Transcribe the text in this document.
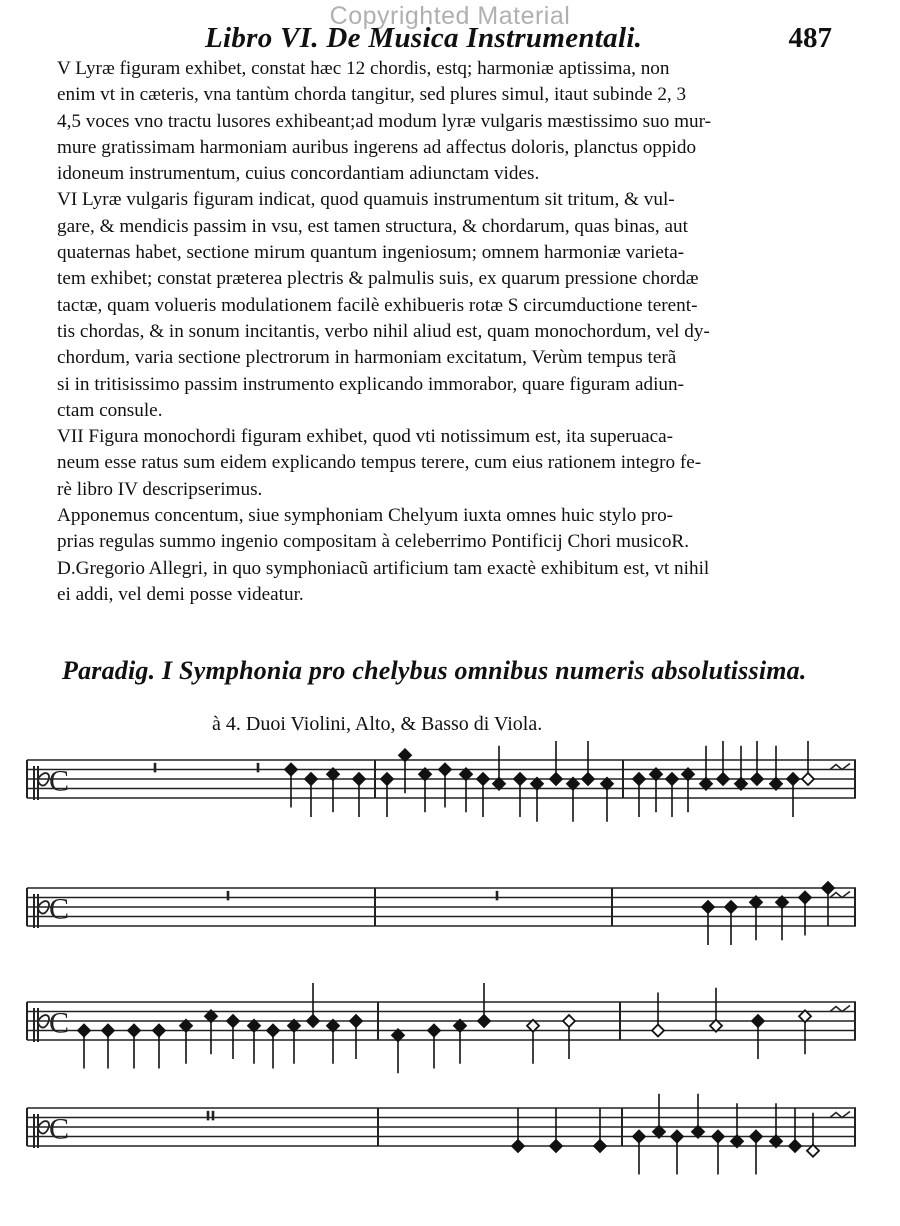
Copyrighted Material
Libro VI. De Musica Instrumentali.	487

V Lyræ figuram exhibet, constat hæc 12 chordis, estq; harmoniæ aptissima, non
enim vt in cæteris, vna tantùm chorda tangitur, sed plures simul, itaut subinde 2, 3
4,5 voces vno tractu lusores exhibeant;ad modum lyræ vulgaris mæstissimo suo mur-
mure gratissimam harmoniam auribus ingerens ad affectus doloris, planctus oppido
idoneum instrumentum, cuius concordantiam adiunctam vides.

VI Lyræ vulgaris figuram indicat, quod quamuis instrumentum sit tritum, & vul-
gare, & mendicis passim in vsu, est tamen structura, & chordarum, quas binas, aut
quaternas habet, sectione mirum quantum ingeniosum; omnem harmoniæ varieta-
tem exhibet; constat præterea plectris & palmulis suis, ex quarum pressione chordæ
tactæ, quam volueris modulationem facilè exhibueris rotæ S circumductione terent-
tis chordas, & in sonum incitantis, verbo nihil aliud est, quam monochordum, vel dy-
chordum, varia sectione plectrorum in harmoniam excitatum, Verùm tempus terã
si in tritisissimo passim instrumento explicando immorabor, quare figuram adiun-
ctam consule.

VII Figura monochordi figuram exhibet, quod vti notissimum est, ita superuaca-
neum esse ratus sum eidem explicando tempus terere, cum eius rationem integro fe-
rè libro IV descripserimus.

Apponemus concentum, siue symphoniam Chelyum iuxta omnes huic stylo pro-
prias regulas summo ingenio compositam à celeberrimo Pontificij Chori musicoR.
D.Gregorio Allegri, in quo symphoniacũ artificium tam exactè exhibitum est, vt nihil
ei addi, vel demi posse videatur.

Paradig. I Symphonia pro chelybus omnibus numeris absolutissima.
à 4. Duoi Violini, Alto, & Basso di Viola.
C
C
C
C
